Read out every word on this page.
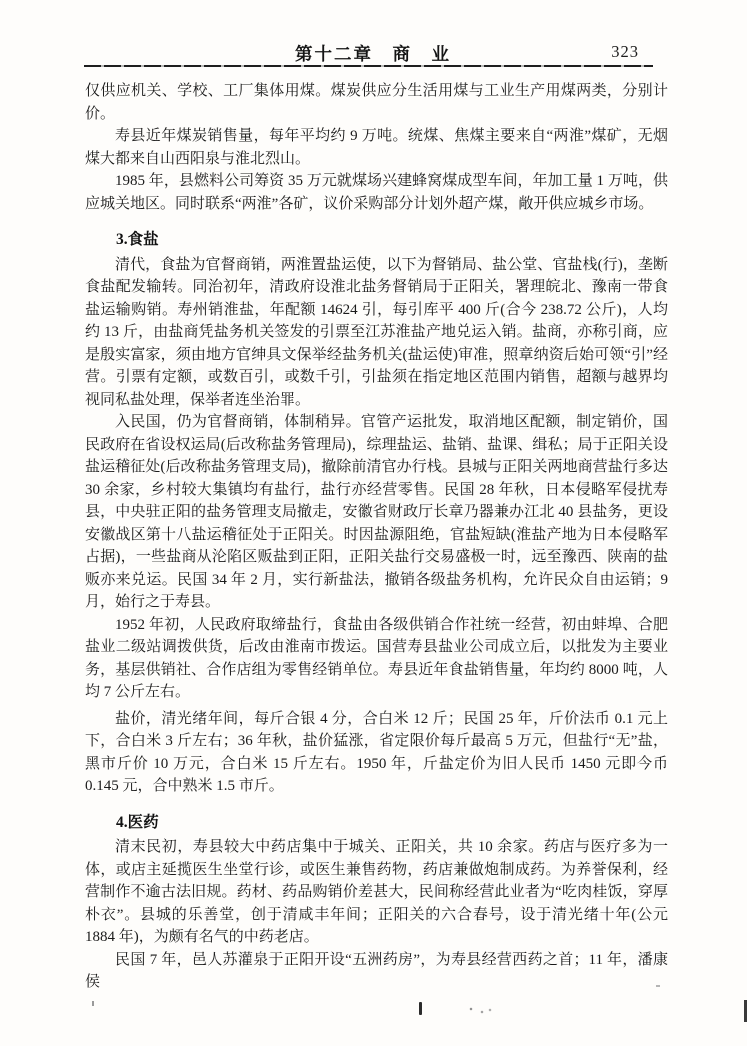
第十二章　商　业	323

仅供应机关、学校、工厂集体用煤。煤炭供应分生活用煤与工业生产用煤两类，分别计价。

寿县近年煤炭销售量，每年平均约 9 万吨。统煤、焦煤主要来自“两淮”煤矿，无烟煤大都来自山西阳泉与淮北烈山。

1985 年，县燃料公司筹资 35 万元就煤场兴建蜂窝煤成型车间，年加工量 1 万吨，供应城关地区。同时联系“两淮”各矿，议价采购部分计划外超产煤，敞开供应城乡市场。

3.食盐

清代，食盐为官督商销，两淮置盐运使，以下为督销局、盐公堂、官盐栈(行)，垄断食盐配发输转。同治初年，清政府设淮北盐务督销局于正阳关，署理皖北、豫南一带食盐运输购销。寿州销淮盐，年配额 14624 引，每引库平 400 斤(合今 238.72 公斤)，人均约 13 斤，由盐商凭盐务机关签发的引票至江苏淮盐产地兑运入销。盐商，亦称引商，应是殷实富家，须由地方官绅具文保举经盐务机关(盐运使)审准，照章纳资后始可领“引”经营。引票有定额，或数百引，或数千引，引盐须在指定地区范围内销售，超额与越界均视同私盐处理，保举者连坐治罪。

入民国，仍为官督商销，体制稍异。官管产运批发，取消地区配额，制定销价，国民政府在省设权运局(后改称盐务管理局)，综理盐运、盐销、盐课、缉私；局于正阳关设盐运稽征处(后改称盐务管理支局)，撤除前清官办行栈。县城与正阳关两地商营盐行多达 30 余家，乡村较大集镇均有盐行，盐行亦经营零售。民国 28 年秋，日本侵略军侵扰寿县，中央驻正阳的盐务管理支局撤走，安徽省财政厅长章乃器兼办江北 40 县盐务，更设安徽战区第十八盐运稽征处于正阳关。时因盐源阻绝，官盐短缺(淮盐产地为日本侵略军占据)，一些盐商从沦陷区贩盐到正阳，正阳关盐行交易盛极一时，远至豫西、陕南的盐贩亦来兑运。民国 34 年 2 月，实行新盐法，撤销各级盐务机构，允许民众自由运销；9 月，始行之于寿县。

1952 年初，人民政府取缔盐行，食盐由各级供销合作社统一经营，初由蚌埠、合肥盐业二级站调拨供货，后改由淮南市拨运。国营寿县盐业公司成立后，以批发为主要业务，基层供销社、合作店组为零售经销单位。寿县近年食盐销售量，年均约 8000 吨，人均 7 公斤左右。

盐价，清光绪年间，每斤合银 4 分，合白米 12 斤；民国 25 年，斤价法币 0.1 元上下，合白米 3 斤左右；36 年秋，盐价猛涨，省定限价每斤最高 5 万元，但盐行“无”盐，黑市斤价 10 万元，合白米 15 斤左右。1950 年，斤盐定价为旧人民币 1450 元即今币 0.145 元，合中熟米 1.5 市斤。

4.医药

清末民初，寿县较大中药店集中于城关、正阳关，共 10 余家。药店与医疗多为一体，或店主延揽医生坐堂行诊，或医生兼售药物，药店兼做炮制成药。为养誉保利，经营制作不逾古法旧规。药材、药品购销价差甚大，民间称经营此业者为“吃肉桂饭，穿厚朴衣”。县城的乐善堂，创于清咸丰年间；正阳关的六合春号，设于清光绪十年(公元 1884 年)，为颇有名气的中药老店。

民国 7 年，邑人苏灌泉于正阳开设“五洲药房”，为寿县经营西药之首；11 年，潘康侯
